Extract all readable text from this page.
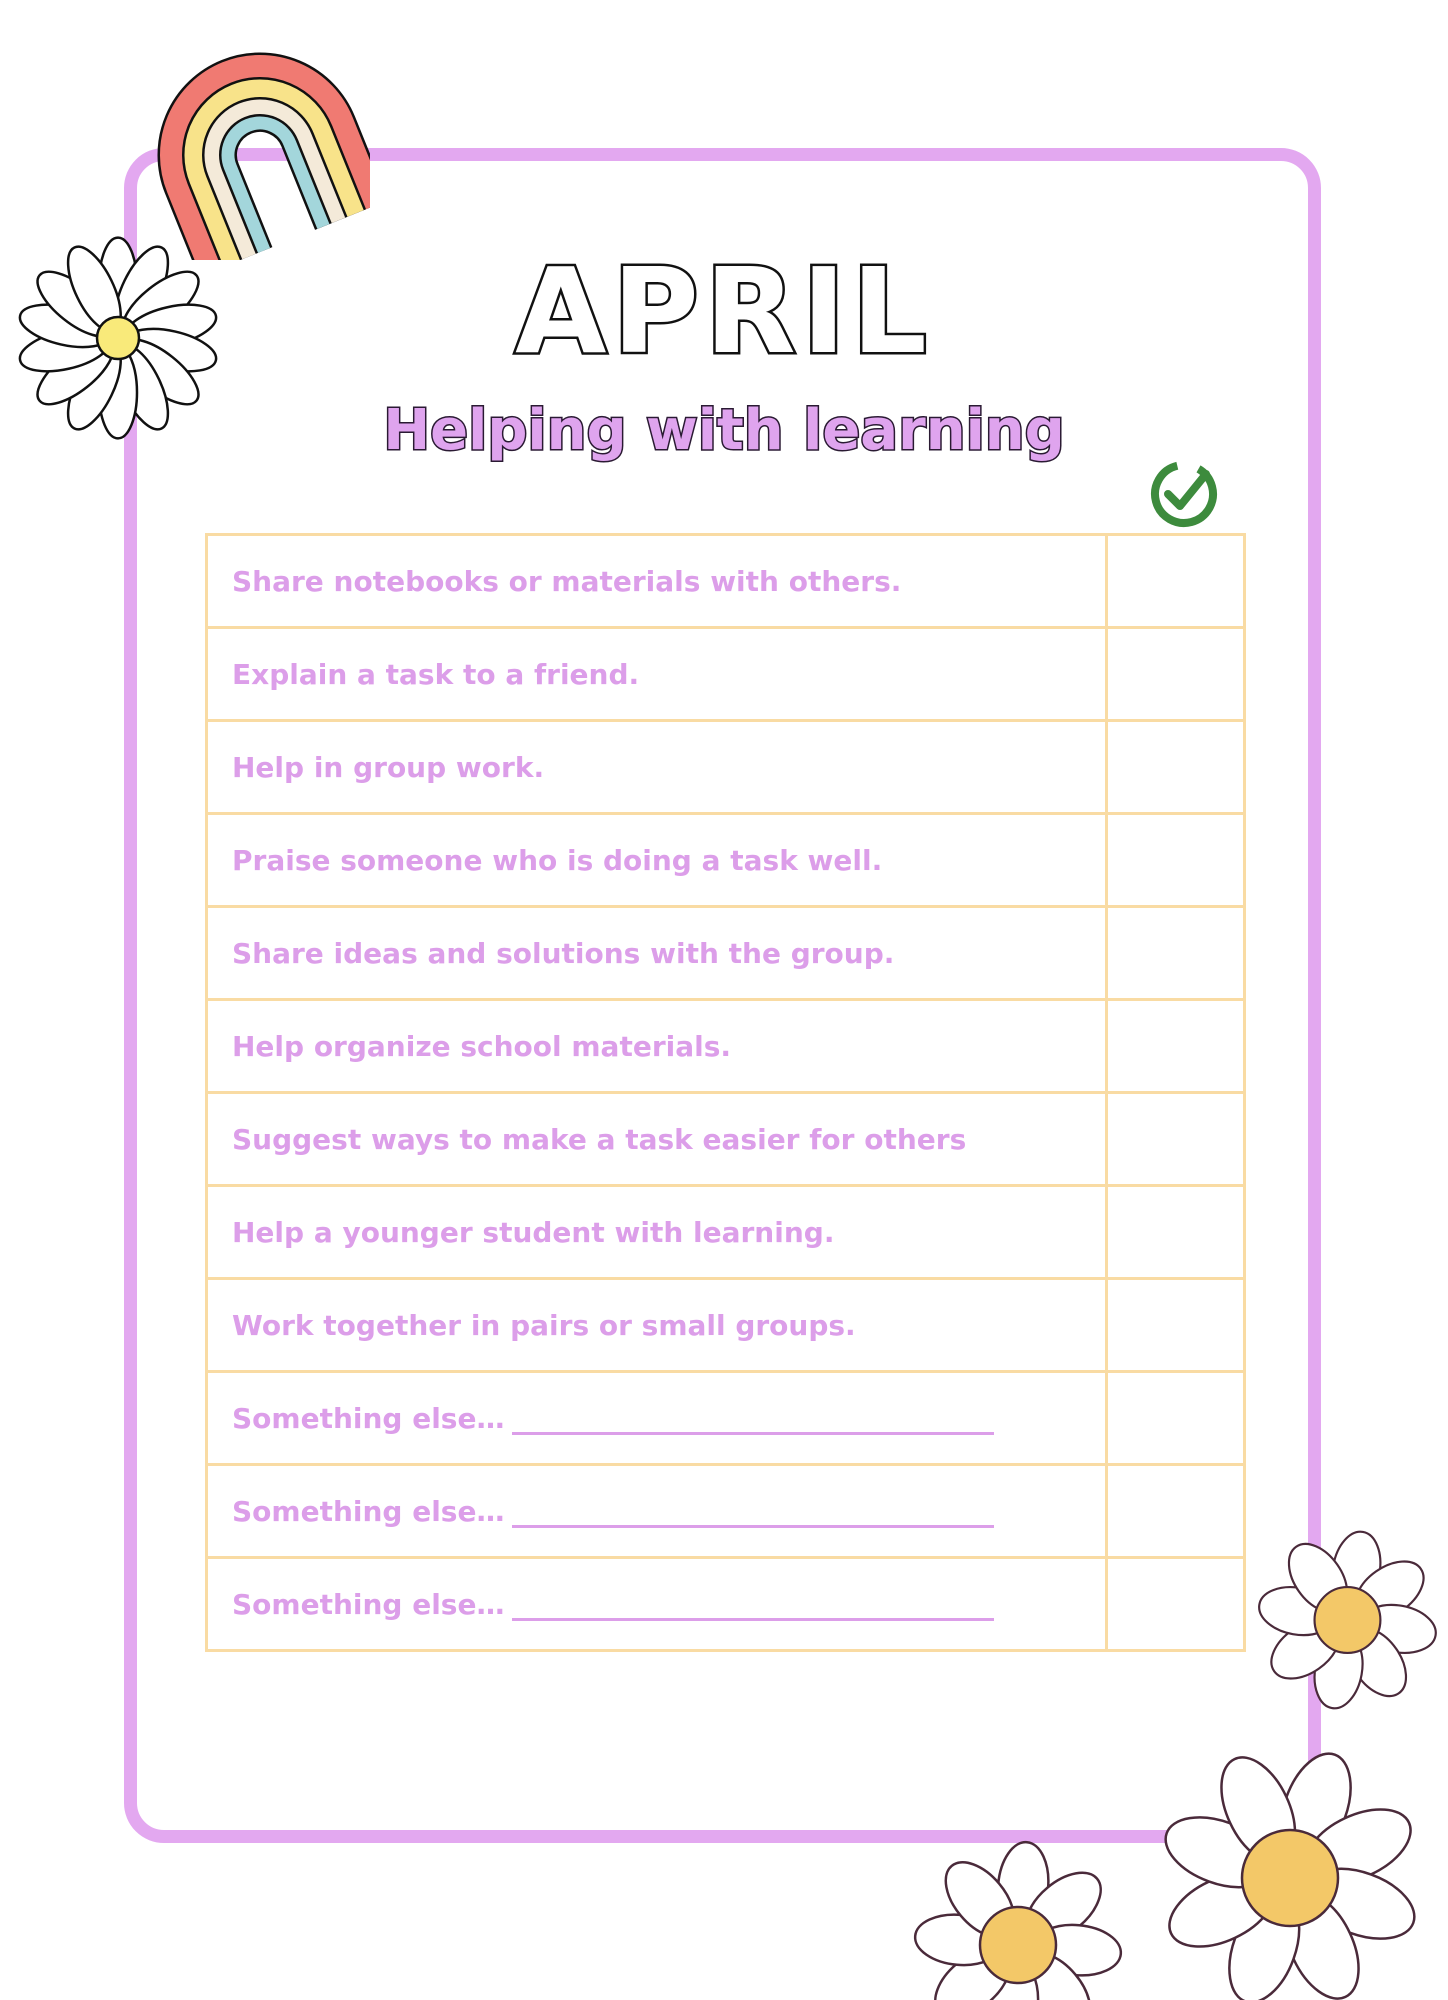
APRIL
Helping with learning
Share notebooks or materials with others.	
Explain a task to a friend.	
Help in group work.	
Praise someone who is doing a task well.	
Share ideas and solutions with the group.	
Help organize school materials.	
Suggest ways to make a task easier for others	
Help a younger student with learning.	
Work together in pairs or small groups.	
Something else…	
Something else…	
Something else…	
